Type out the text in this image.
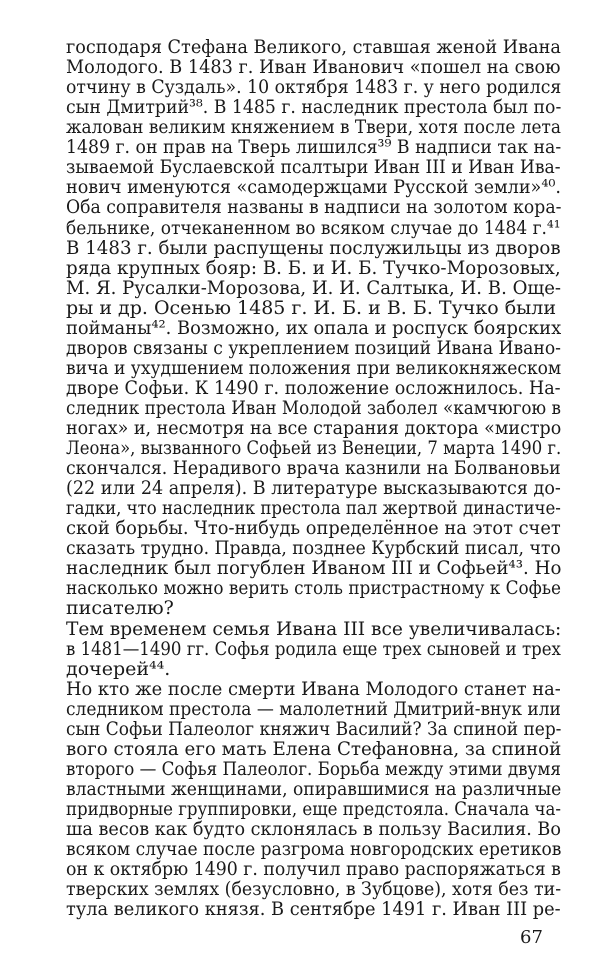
господаря Стефана Великого, ставшая женой Ивана
Молодого. В 1483 г. Иван Иванович «пошел на свою
отчину в Суздаль». 10 октября 1483 г. у него родился
сын Дмитрий³⁸. В 1485 г. наследник престола был по-
жалован великим княжением в Твери, хотя после лета
1489 г. он прав на Тверь лишился³⁹ В надписи так на-
зываемой Буслаевской псалтыри Иван III и Иван Ива-
нович именуются «самодержцами Русской земли»⁴⁰.
Оба соправителя названы в надписи на золотом кора-
бельнике, отчеканенном во всяком случае до 1484 г.⁴¹
В 1483 г. были распущены послужильцы из дворов
ряда крупных бояр: В. Б. и И. Б. Тучко-Морозовых,
М. Я. Русалки-Морозова, И. И. Салтыка, И. В. Още-
ры и др. Осенью 1485 г. И. Б. и В. Б. Тучко были
пойманы⁴². Возможно, их опала и роспуск боярских
дворов связаны с укреплением позиций Ивана Ивано-
вича и ухудшением положения при великокняжеском
дворе Софьи. К 1490 г. положение осложнилось. На-
следник престола Иван Молодой заболел «камчюгою в
ногах» и, несмотря на все старания доктора «мистро
Леона», вызванного Софьей из Венеции, 7 марта 1490 г.
скончался. Нерадивого врача казнили на Болвановьи
(22 или 24 апреля). В литературе высказываются до-
гадки, что наследник престола пал жертвой династиче-
ской борьбы. Что-нибудь определённое на этот счет
сказать трудно. Правда, позднее Курбский писал, что
наследник был погублен Иваном III и Софьей⁴³. Но
насколько можно верить столь пристрастному к Софье
писателю?
Тем временем семья Ивана III все увеличивалась:
в 1481—1490 гг. Софья родила еще трех сыновей и трех
дочерей⁴⁴.
Но кто же после смерти Ивана Молодого станет на-
следником престола — малолетний Дмитрий-внук или
сын Софьи Палеолог княжич Василий? За спиной пер-
вого стояла его мать Елена Стефановна, за спиной
второго — Софья Палеолог. Борьба между этими двумя
властными женщинами, опиравшимися на различные
придворные группировки, еще предстояла. Сначала ча-
ша весов как будто склонялась в пользу Василия. Во
всяком случае после разгрома новгородских еретиков
он к октябрю 1490 г. получил право распоряжаться в
тверских землях (безусловно, в Зубцове), хотя без ти-
тула великого князя. В сентябре 1491 г. Иван III ре-
67
